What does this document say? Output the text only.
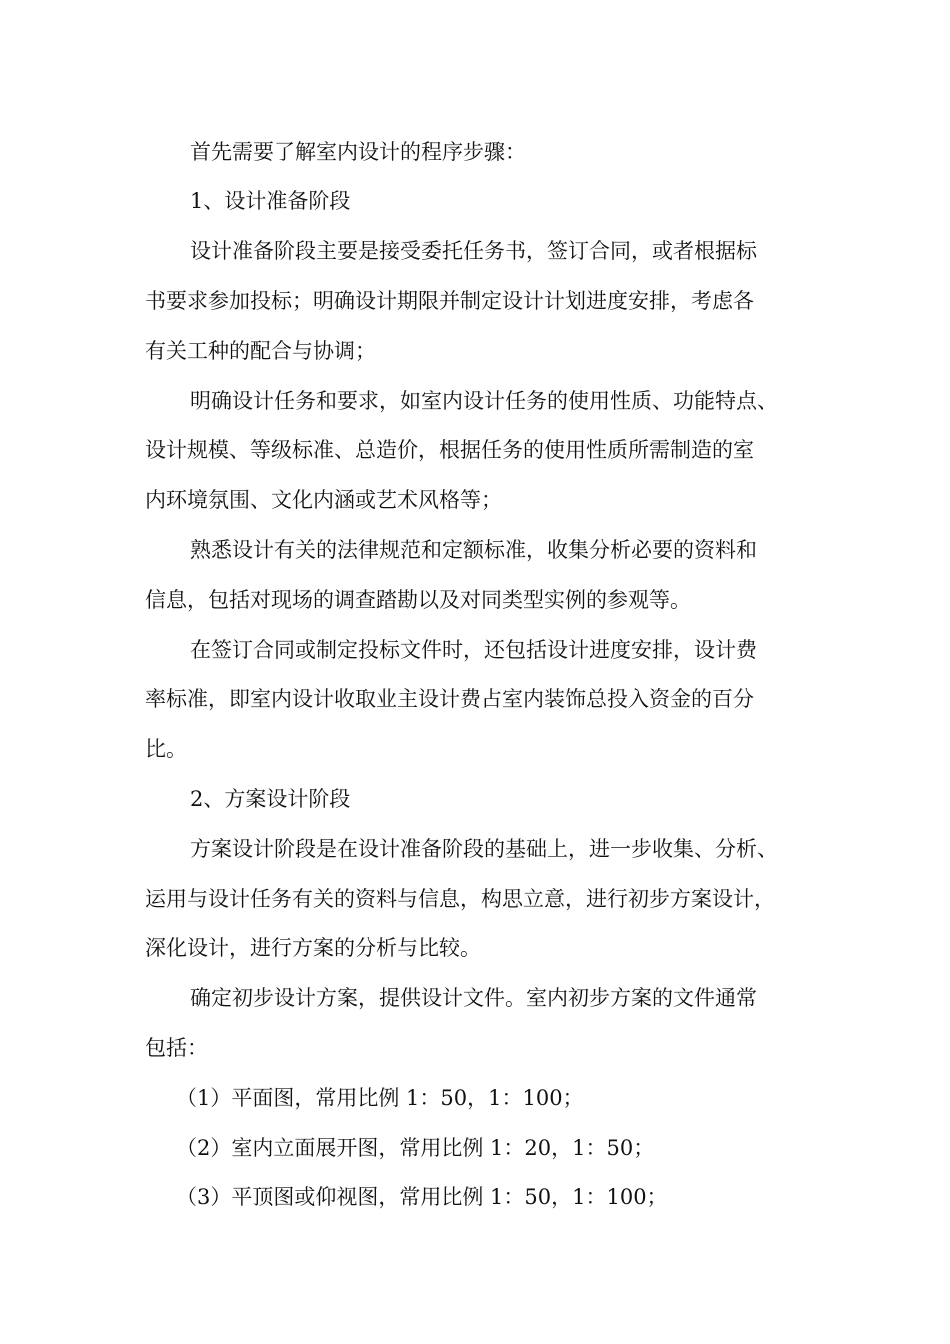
首先需要了解室内设计的程序步骤：
1、设计准备阶段
设计准备阶段主要是接受委托任务书，签订合同，或者根据标
书要求参加投标；明确设计期限并制定设计计划进度安排，考虑各
有关工种的配合与协调；
明确设计任务和要求，如室内设计任务的使用性质、功能特点、
设计规模、等级标准、总造价，根据任务的使用性质所需制造的室
内环境氛围、文化内涵或艺术风格等；
熟悉设计有关的法律规范和定额标准，收集分析必要的资料和
信息，包括对现场的调查踏勘以及对同类型实例的参观等。
在签订合同或制定投标文件时，还包括设计进度安排，设计费
率标准，即室内设计收取业主设计费占室内装饰总投入资金的百分
比。
2、方案设计阶段
方案设计阶段是在设计准备阶段的基础上，进一步收集、分析、
运用与设计任务有关的资料与信息，构思立意，进行初步方案设计，
深化设计，进行方案的分析与比较。
确定初步设计方案，提供设计文件。室内初步方案的文件通常
包括：
（1）平面图，常用比例 1：50，1：100；
（2）室内立面展开图，常用比例 1：20，1：50；
（3）平顶图或仰视图，常用比例 1：50，1：100；
